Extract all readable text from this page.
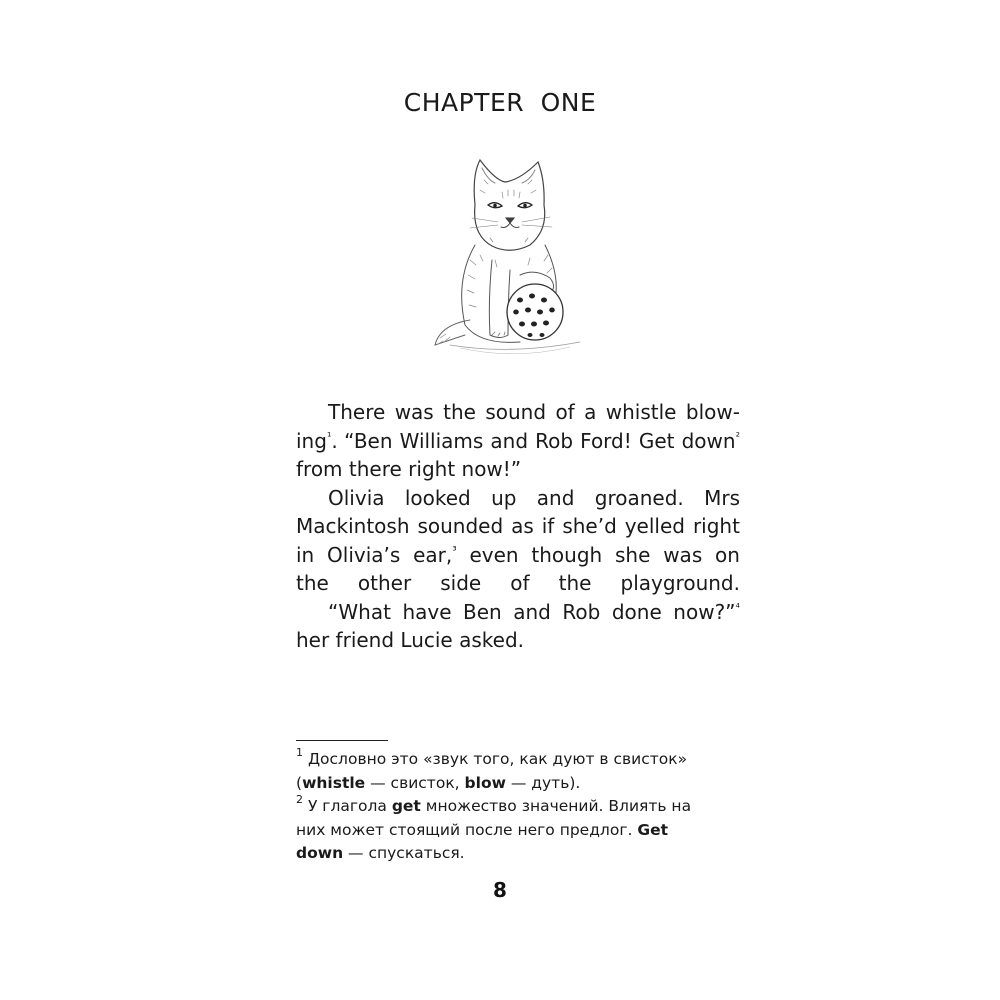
CHAPTER ONE
There was the sound of a whistle blow-
ing$^{^1}$. “Ben Williams and Rob Ford! Get down$^{^2}$
from there right now!”
Olivia looked up and groaned. Mrs
Mackintosh sounded as if she’d yelled right
in Olivia’s ear,$^{^3}$ even though she was on
the other side of the playground.
“What have Ben and Rob done now?”$^{^4}$
her friend Lucie asked.
$^1$ Дословно это «звук того, как дуют в свисток»
(whistle — свисток, blow — дуть).
$^2$ У глагола get множество значений. Влиять на
них может стоящий после него предлог. Get
down — спускаться.
8
